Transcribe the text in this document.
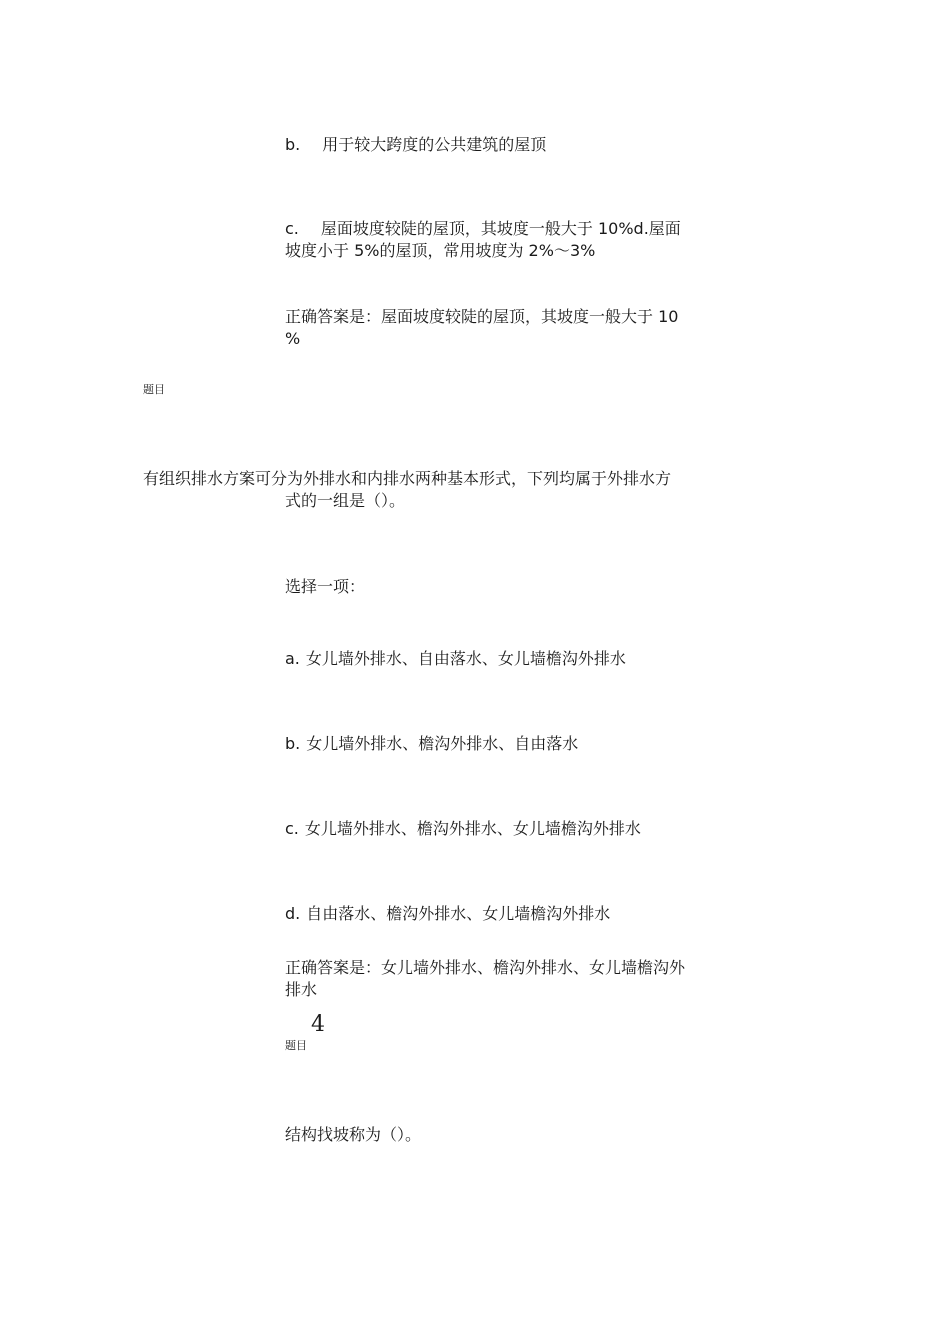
b. 用于较大跨度的公共建筑的屋顶
c. 屋面坡度较陡的屋顶，其坡度一般大于 10%d.屋面
坡度小于 5%的屋顶，常用坡度为 2%〜3%
正确答案是：屋面坡度较陡的屋顶，其坡度一般大于 10
%
题目
有组织排水方案可分为外排水和内排水两种基本形式，下列均属于外排水方
式的一组是（）。
选择一项：
a. 女儿墙外排水、自由落水、女儿墙檐沟外排水
b. 女儿墙外排水、檐沟外排水、自由落水
c. 女儿墙外排水、檐沟外排水、女儿墙檐沟外排水
d. 自由落水、檐沟外排水、女儿墙檐沟外排水
正确答案是：女儿墙外排水、檐沟外排水、女儿墙檐沟外
排水
4
题目
结构找坡称为（）。
